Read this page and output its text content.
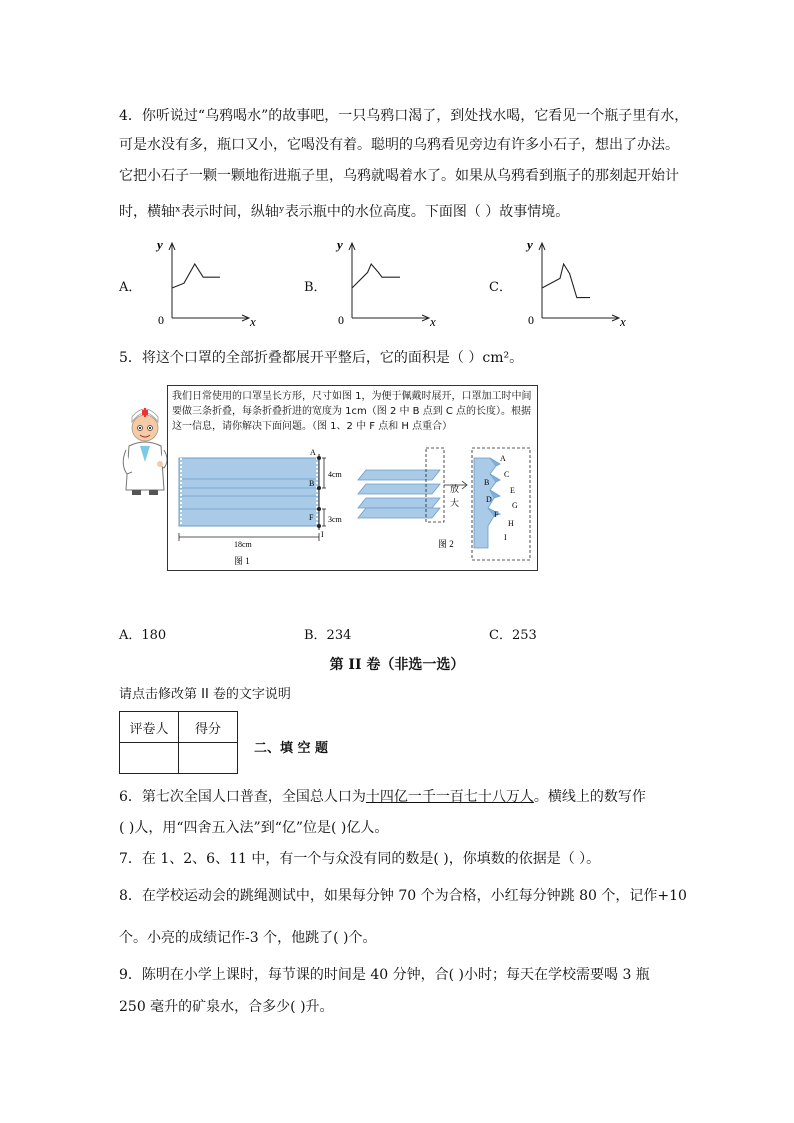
4．你听说过“乌鸦喝水”的故事吧，一只乌鸦口渴了，到处找水喝，它看见一个瓶子里有水，
可是水没有多，瓶口又小，它喝没有着。聪明的乌鸦看见旁边有许多小石子，想出了办法。
它把小石子一颗一颗地衔进瓶子里，乌鸦就喝着水了。如果从乌鸦看到瓶子的那刻起开始计
时，横轴ˣ表示时间，纵轴ʸ表示瓶中的水位高度。下面图（ ）故事情境。
A．
y
x
0
B．
y
x
0
C．
y
x
0
5．将这个口罩的全部折叠都展开平整后，它的面积是（ ）cm²。
我们日常使用的口罩呈长方形，尺寸如图 1，为便于佩戴时展开，口罩加工时中间要做三条折叠，每条折叠折进的宽度为 1cm（图 2 中 B 点到 C 点的长度）。根据这一信息，请你解决下面问题。（图 1、2 中 F 点和 H 点重合）
A
B
F
I
4cm
3cm
18cm
图 1
放
大
A
C
B
E
D
G
F
H
I
图 2
A．180	B．234	C．253
第 II 卷（非选一选）
请点击修改第 II 卷的文字说明
评卷人	得分

二、填 空 题
6．第七次全国人口普查，全国总人口为十四亿一千一百七十八万人。横线上的数写作
( )人，用“四舍五入法”到“亿”位是( )亿人。
7．在 1、2、6、11 中，有一个与众没有同的数是( )，你填数的依据是（ ）。
8．在学校运动会的跳绳测试中，如果每分钟 70 个为合格，小红每分钟跳 80 个，记作+10
个。小亮的成绩记作-3 个，他跳了( )个。
9．陈明在小学上课时，每节课的时间是 40 分钟，合( )小时；每天在学校需要喝 3 瓶
250 毫升的矿泉水，合多少( )升。
